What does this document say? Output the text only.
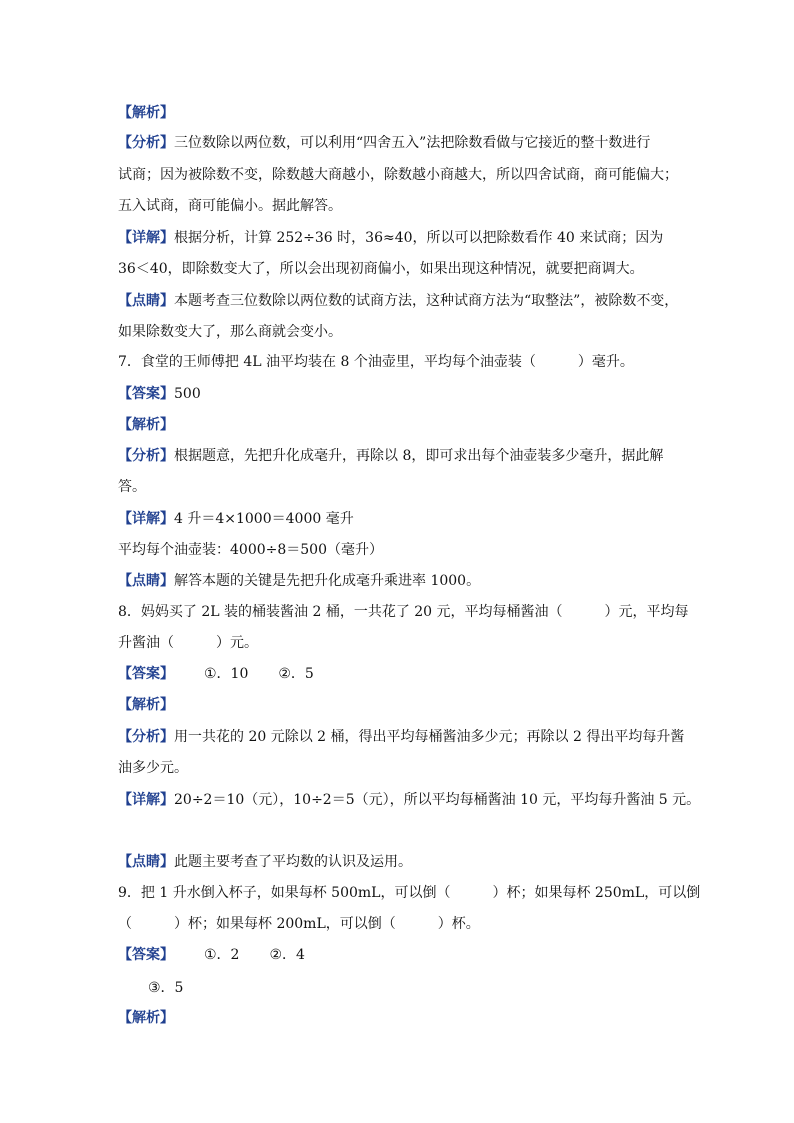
【解析】
【分析】三位数除以两位数，可以利用“四舍五入”法把除数看做与它接近的整十数进行
试商；因为被除数不变，除数越大商越小，除数越小商越大，所以四舍试商，商可能偏大；
五入试商，商可能偏小。据此解答。
【详解】根据分析，计算 252÷36 时，36≈40，所以可以把除数看作 40 来试商；因为
36＜40，即除数变大了，所以会出现初商偏小，如果出现这种情况，就要把商调大。
【点睛】本题考查三位数除以两位数的试商方法，这种试商方法为“取整法”，被除数不变，
如果除数变大了，那么商就会变小。
7．食堂的王师傅把 4L 油平均装在 8 个油壶里，平均每个油壶装（　　　）毫升。
【答案】500
【解析】
【分析】根据题意，先把升化成毫升，再除以 8，即可求出每个油壶装多少毫升，据此解
答。
【详解】4 升＝4×1000＝4000 毫升
平均每个油壶装：4000÷8＝500（毫升）
【点睛】解答本题的关键是先把升化成毫升乘进率 1000。
8．妈妈买了 2L 装的桶装酱油 2 桶，一共花了 20 元，平均每桶酱油（　　　）元，平均每
升酱油（　　　）元。
【答案】 ①．10 ②．5
【解析】
【分析】用一共花的 20 元除以 2 桶，得出平均每桶酱油多少元；再除以 2 得出平均每升酱
油多少元。
【详解】20÷2＝10（元），10÷2＝5（元），所以平均每桶酱油 10 元，平均每升酱油 5 元。
【点睛】此题主要考查了平均数的认识及运用。
9．把 1 升水倒入杯子，如果每杯 500mL，可以倒（　　　）杯；如果每杯 250mL，可以倒
（　　　）杯；如果每杯 200mL，可以倒（　　　）杯。
【答案】 ①．2 ②．4
③．5
【解析】
